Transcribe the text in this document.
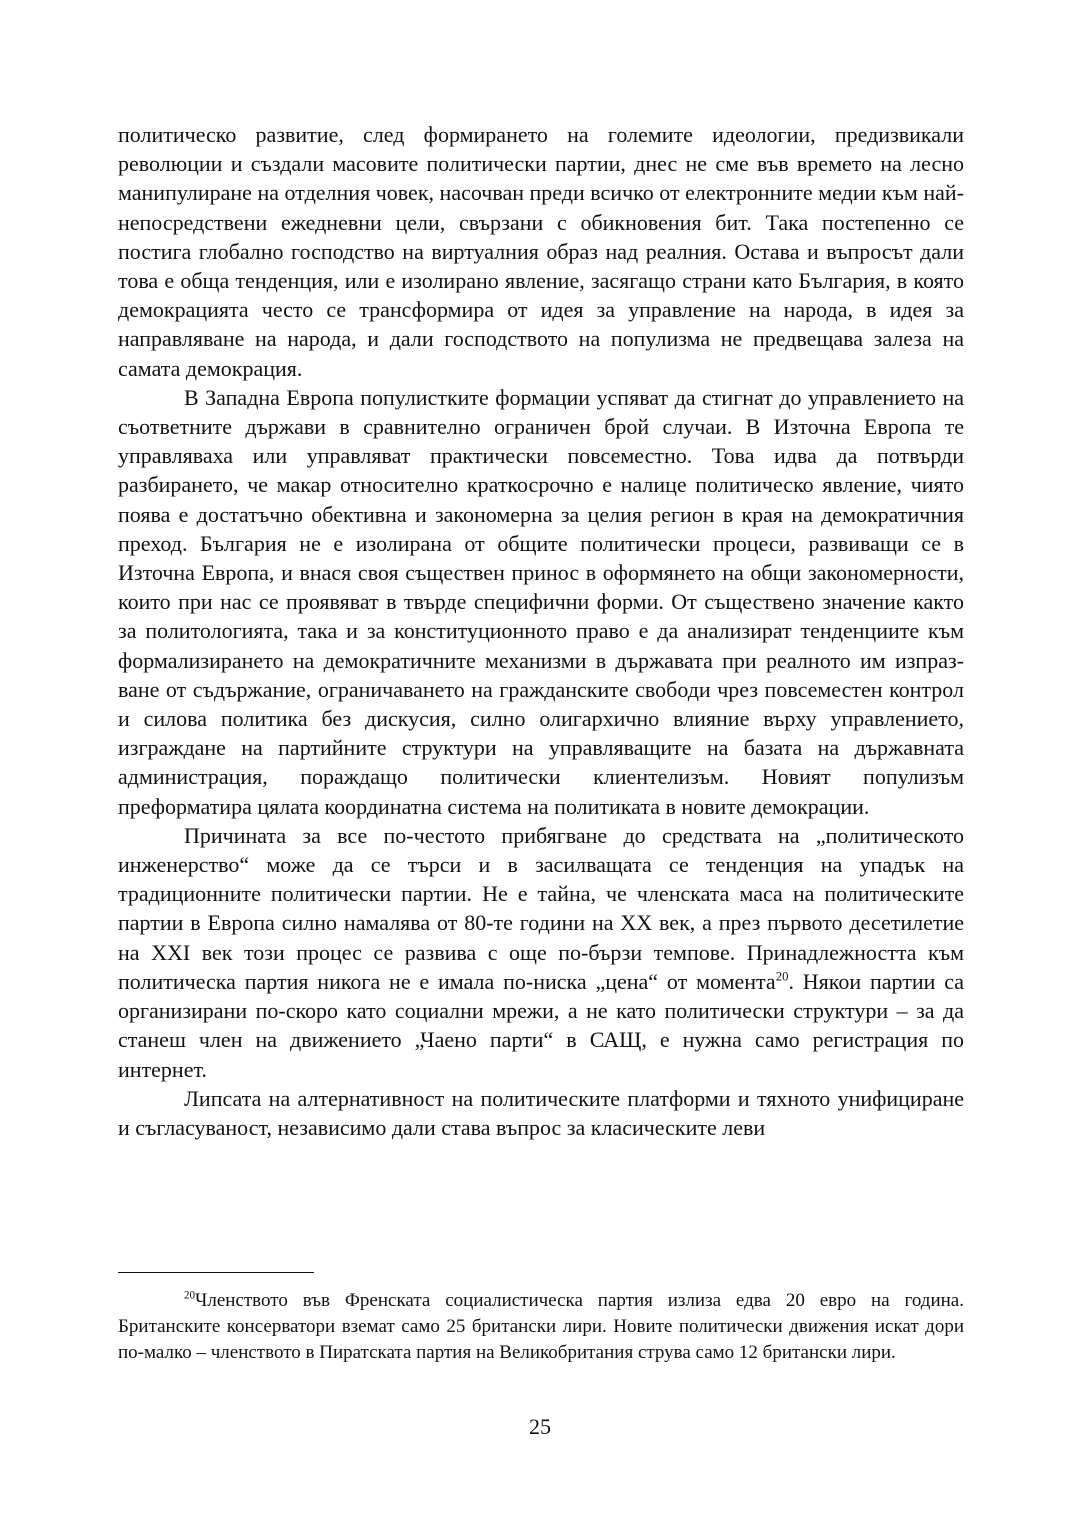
политическо развитие, след формирането на големите идеологии, предизвикали революции и създали масовите политически партии, днес не сме във времето на лесно манипулиране на отделния човек, насочван преди всичко от електронните медии към най-непосредствени ежедневни цели, свързани с обикновения бит. Така постепенно се постига глобално господство на виртуалния образ над реалния. Остава и въпросът дали това е обща тенденция, или е изолирано явление, засягащо страни като България, в която демокрацията често се трансформира от идея за управление на народа, в идея за направляване на народа, и дали господството на популизма не предвещава залеза на самата демокрация.

В Западна Европа популистките формации успяват да стигнат до управлението на съответните държави в сравнително ограничен брой случаи. В Източна Европа те управляваха или управляват практически повсеместно. Това идва да потвърди разбирането, че макар относително краткосрочно е налице политическо явление, чиято поява е достатъчно обективна и закономерна за целия регион в края на демократичния преход. България не е изолирана от общите политически процеси, развиващи се в Източна Европа, и внася своя съществен принос в оформянето на общи закономерности, които при нас се проявяват в твърде специфични форми. От съществено значение както за политологията, така и за конституционното право е да анализират тенденциите към формализирането на демократичните механизми в държавата при реалното им изпразване от съдържание, ограничаването на гражданските свободи чрез повсеместен контрол и силова политика без дискусия, силно олигархично влияние върху управлението, изграждане на партийните структури на управляващите на базата на държавната администрация, пораждащо политически клиентелизъм. Новият популизъм преформатира цялата координатна система на политиката в новите демокрации.

Причината за все по-честото прибягване до средствата на „политическото инженерство“ може да се търси и в засилващата се тенденция на упадък на традиционните политически партии. Не е тайна, че членската маса на политическите партии в Европа силно намалява от 80-те години на XX век, а през първото десетилетие на XXI век този процес се развива с още по-бързи темпове. Принадлежността към политическа партия никога не е имала по-ниска „цена“ от момента$^{20}$. Някои партии са организирани по-скоро като социални мрежи, а не като политически структури – за да станеш член на движението „Чаено парти“ в САЩ, е нужна само регистрация по интернет.

Липсата на алтернативност на политическите платформи и тяхното унифициране и съгласуваност, независимо дали става въпрос за класическите леви

$^{20}$Членството във Френската социалистическа партия излиза едва 20 евро на година. Британските консерватори вземат само 25 британски лири. Новите политически движения искат дори по-малко – членството в Пиратската партия на Великобритания струва само 12 британски лири.

25
